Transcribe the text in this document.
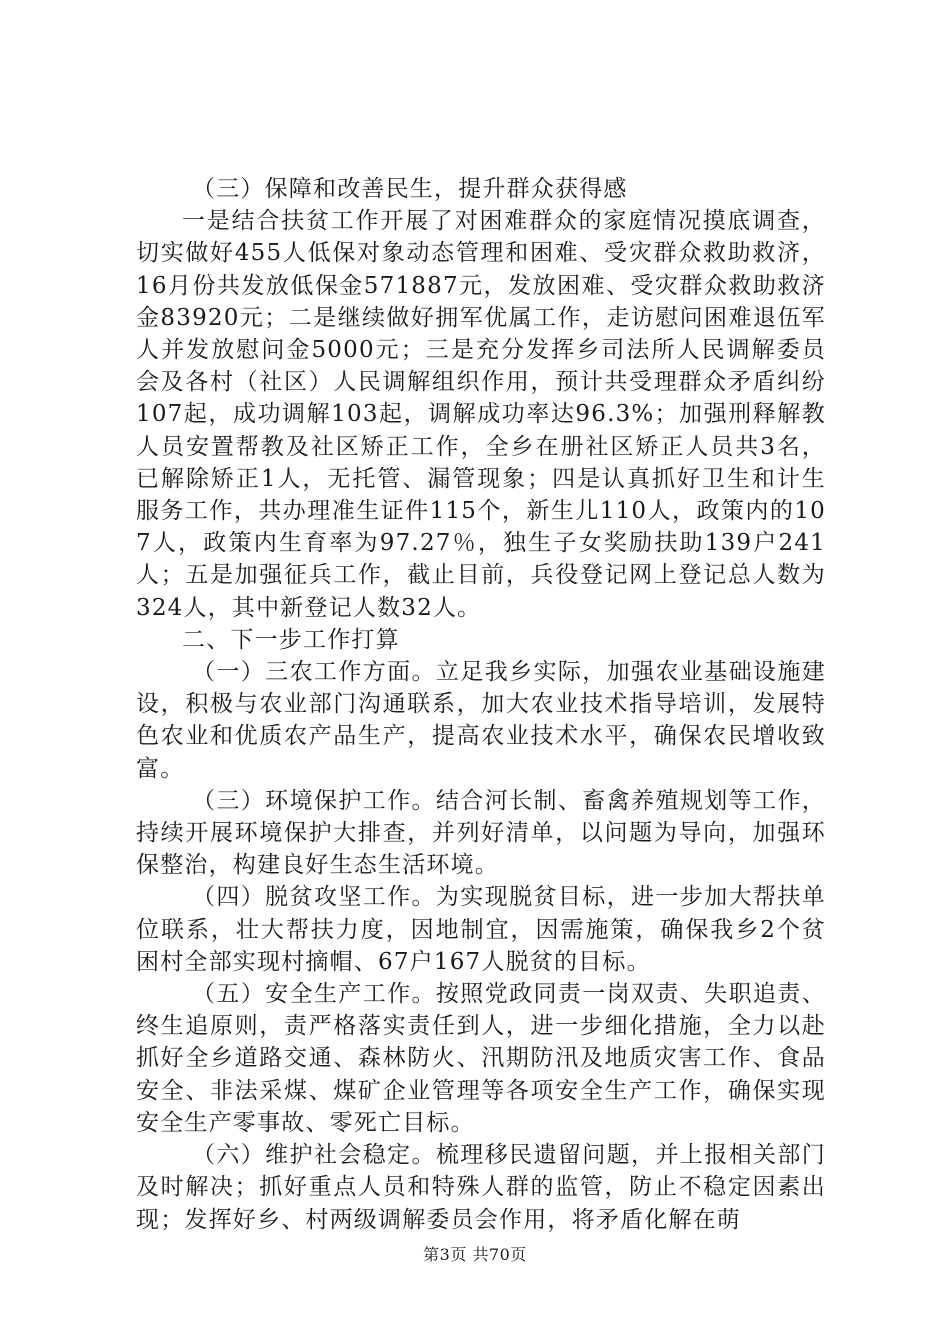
（三）保障和改善民生，提升群众获得感

一是结合扶贫工作开展了对困难群众的家庭情况摸底调查，切实做好455人低保对象动态管理和困难、受灾群众救助救济，16月份共发放低保金571887元，发放困难、受灾群众救助救济金83920元；二是继续做好拥军优属工作，走访慰问困难退伍军人并发放慰问金5000元；三是充分发挥乡司法所人民调解委员会及各村（社区）人民调解组织作用，预计共受理群众矛盾纠纷107起，成功调解103起，调解成功率达96.3%；加强刑释解教人员安置帮教及社区矫正工作，全乡在册社区矫正人员共3名，已解除矫正1人，无托管、漏管现象；四是认真抓好卫生和计生服务工作，共办理准生证件115个，新生儿110人，政策内的107人，政策内生育率为97.27％，独生子女奖励扶助139户241人；五是加强征兵工作，截止目前，兵役登记网上登记总人数为324人，其中新登记人数32人。

二、下一步工作打算

（一）三农工作方面。立足我乡实际，加强农业基础设施建设，积极与农业部门沟通联系，加大农业技术指导培训，发展特色农业和优质农产品生产，提高农业技术水平，确保农民增收致富。

（三）环境保护工作。结合河长制、畜禽养殖规划等工作，持续开展环境保护大排查，并列好清单，以问题为导向，加强环保整治，构建良好生态生活环境。

（四）脱贫攻坚工作。为实现脱贫目标，进一步加大帮扶单位联系，壮大帮扶力度，因地制宜，因需施策，确保我乡2个贫困村全部实现村摘帽、67户167人脱贫的目标。

（五）安全生产工作。按照党政同责一岗双责、失职追责、终生追原则，责严格落实责任到人，进一步细化措施，全力以赴抓好全乡道路交通、森林防火、汛期防汛及地质灾害工作、食品安全、非法采煤、煤矿企业管理等各项安全生产工作，确保实现安全生产零事故、零死亡目标。

（六）维护社会稳定。梳理移民遗留问题，并上报相关部门及时解决；抓好重点人员和特殊人群的监管，防止不稳定因素出现；发挥好乡、村两级调解委员会作用，将矛盾化解在萌

第3页 共70页
